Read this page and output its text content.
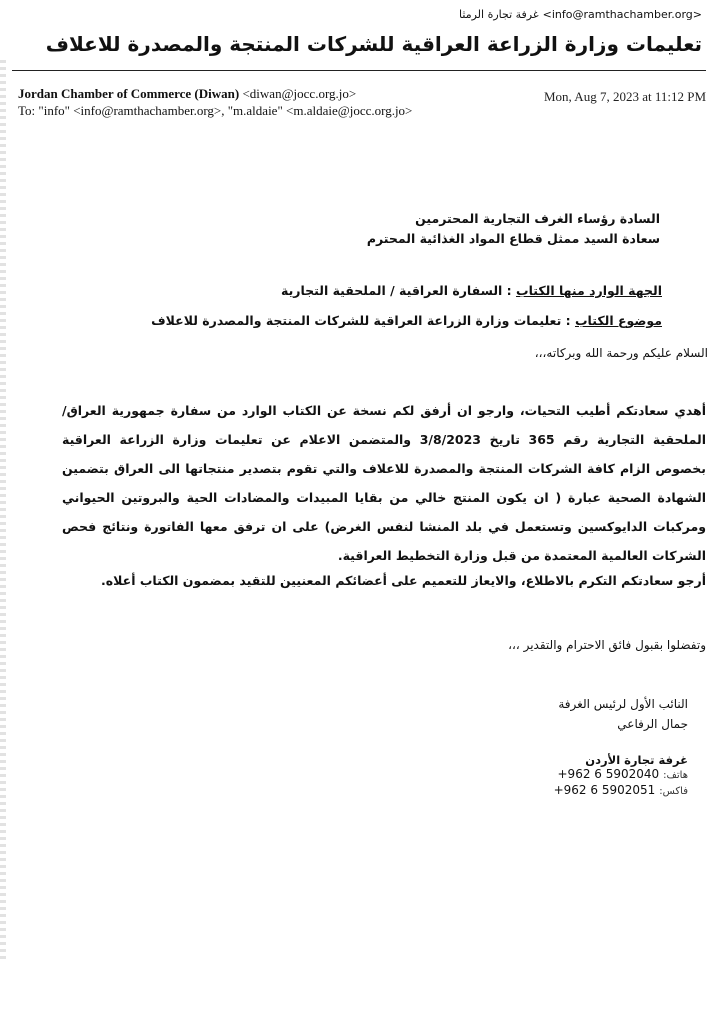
غرفة تجارة الرمثا <info@ramthachamber.org>
تعليمات وزارة الزراعة العراقية للشركات المنتجة والمصدرة للاعلاف
Jordan Chamber of Commerce (Diwan) <diwan@jocc.org.jo>
To: "info" <info@ramthachamber.org>, "m.aldaie" <m.aldaie@jocc.org.jo>
Mon, Aug 7, 2023 at 11:12 PM
السادة رؤساء الغرف التجارية المحترمين
سعادة السيد ممثل قطاع المواد الغذائية المحترم
الجهة الوارد منها الكتاب : السفارة العراقية / الملحقية التجارية
موضوع الكتاب : تعليمات وزارة الزراعة العراقية للشركات المنتجة والمصدرة للاعلاف
السلام عليكم ورحمة الله وبركاته،،،
أهدي سعادتكم أطيب التحيات، وارجو ان أرفق لكم نسخة عن الكتاب الوارد من سفارة جمهورية العراق/ الملحقية التجارية رقم 365 تاريخ 3/8/2023 والمتضمن الاعلام عن تعليمات وزارة الزراعة العراقية بخصوص الزام كافة الشركات المنتجة والمصدرة للاعلاف والتي تقوم بتصدير منتجاتها الى العراق بتضمين الشهادة الصحية عبارة ( ان يكون المنتج خالي من بقايا المبيدات والمضادات الحية والبروتين الحيواني ومركبات الدايوكسين وتستعمل في بلد المنشا لنفس الغرض) على ان ترفق معها الفاتورة ونتائج فحص الشركات العالمية المعتمدة من قبل وزارة التخطيط العراقية.
أرجو سعادتكم التكرم بالاطلاع، والايعاز للتعميم على أعضائكم المعنيين للتقيد بمضمون الكتاب أعلاه.
وتفضلوا بقبول فائق الاحترام والتقدير ،،،
النائب الأول لرئيس الغرفة
جمال الرفاعي
غرفة تجارة الأردن
هاتف:
+962 6 5902040
فاكس:
+962 6 5902051
